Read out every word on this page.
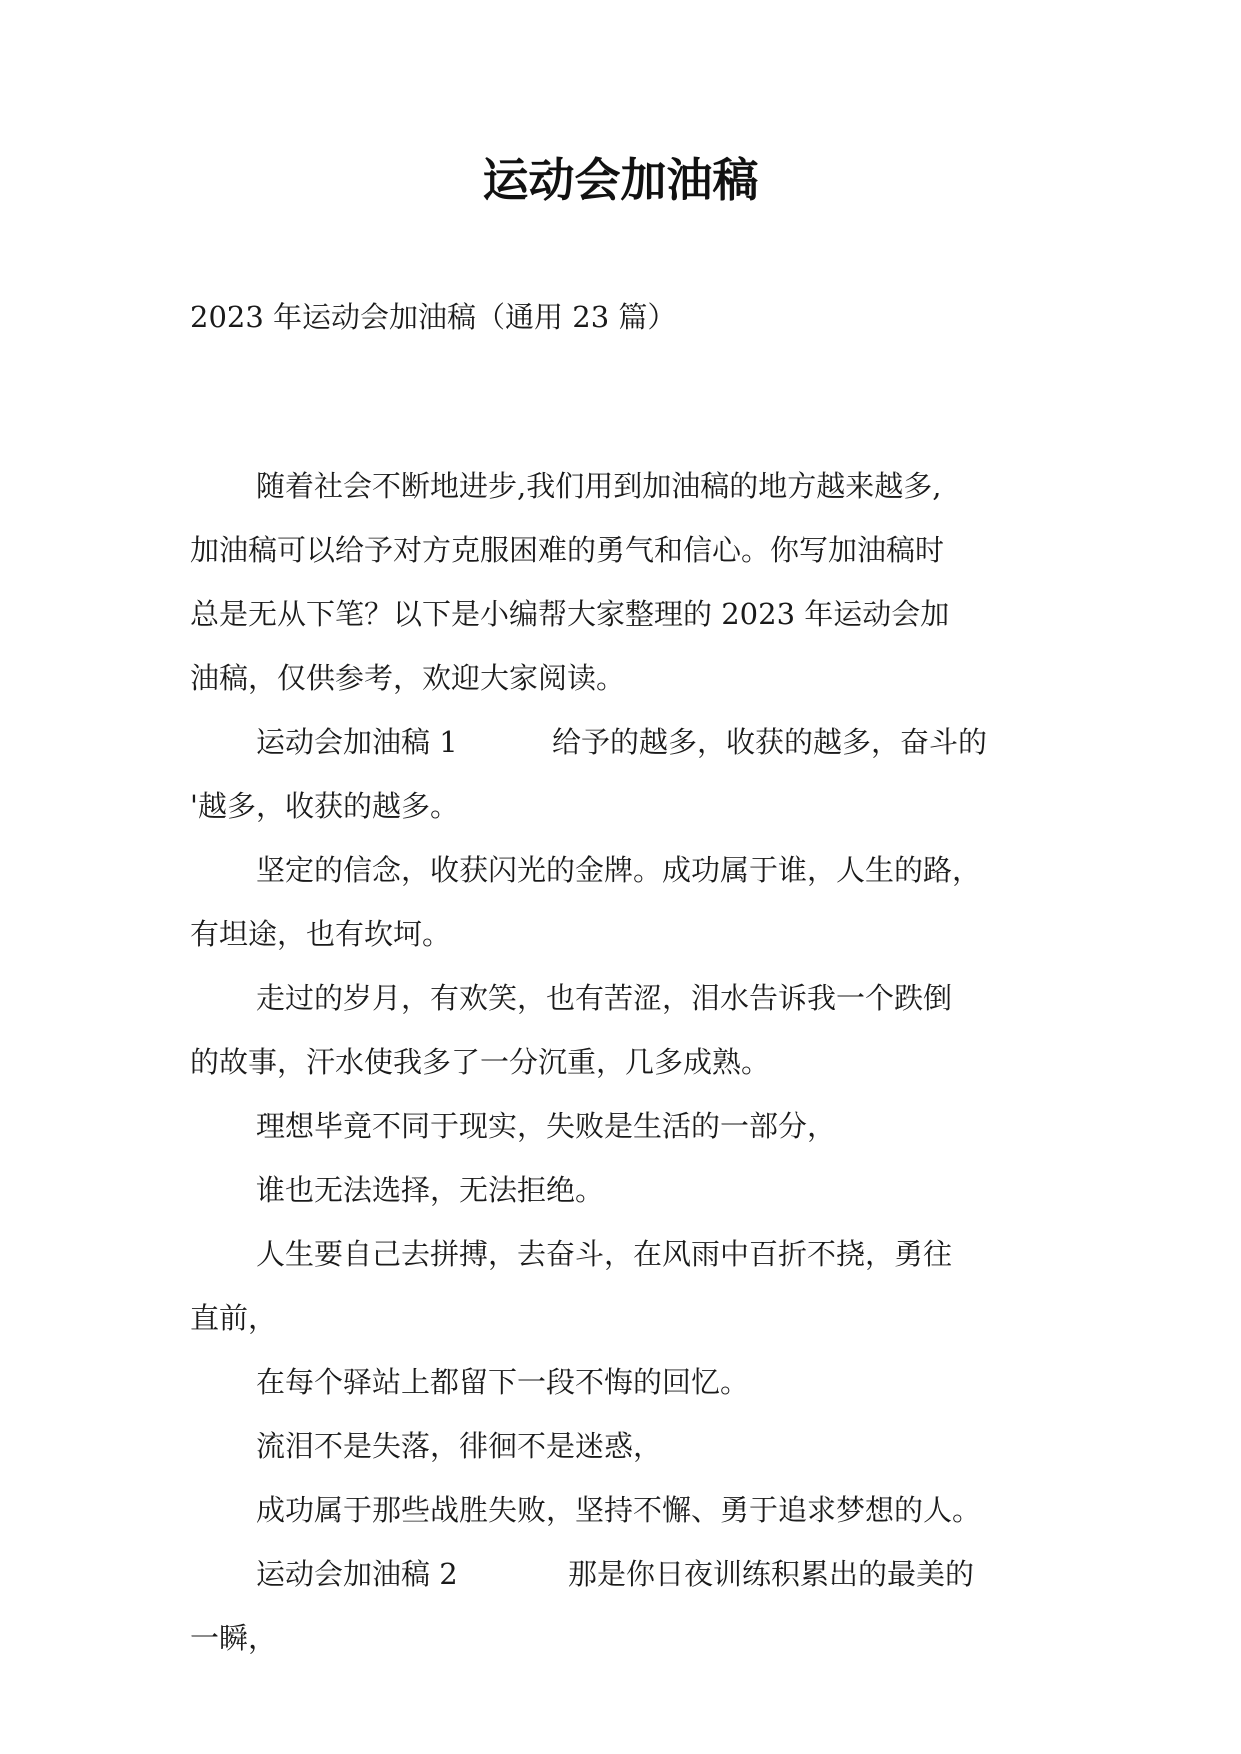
运动会加油稿
2023 年运动会加油稿（通用 23 篇）
随着社会不断地进步,我们用到加油稿的地方越来越多,
加油稿可以给予对方克服困难的勇气和信心。你写加油稿时
总是无从下笔？以下是小编帮大家整理的 2023 年运动会加
油稿，仅供参考，欢迎大家阅读。
运动会加油稿 1	给予的越多，收获的越多，奋斗的
'越多，收获的越多。
坚定的信念，收获闪光的金牌。成功属于谁，人生的路，
有坦途，也有坎坷。
走过的岁月，有欢笑，也有苦涩，泪水告诉我一个跌倒
的故事，汗水使我多了一分沉重，几多成熟。
理想毕竟不同于现实，失败是生活的一部分，
谁也无法选择，无法拒绝。
人生要自己去拼搏，去奋斗，在风雨中百折不挠，勇往
直前，
在每个驿站上都留下一段不悔的回忆。
流泪不是失落，徘徊不是迷惑，
成功属于那些战胜失败，坚持不懈、勇于追求梦想的人。
运动会加油稿 2	那是你日夜训练积累出的最美的
一瞬，
